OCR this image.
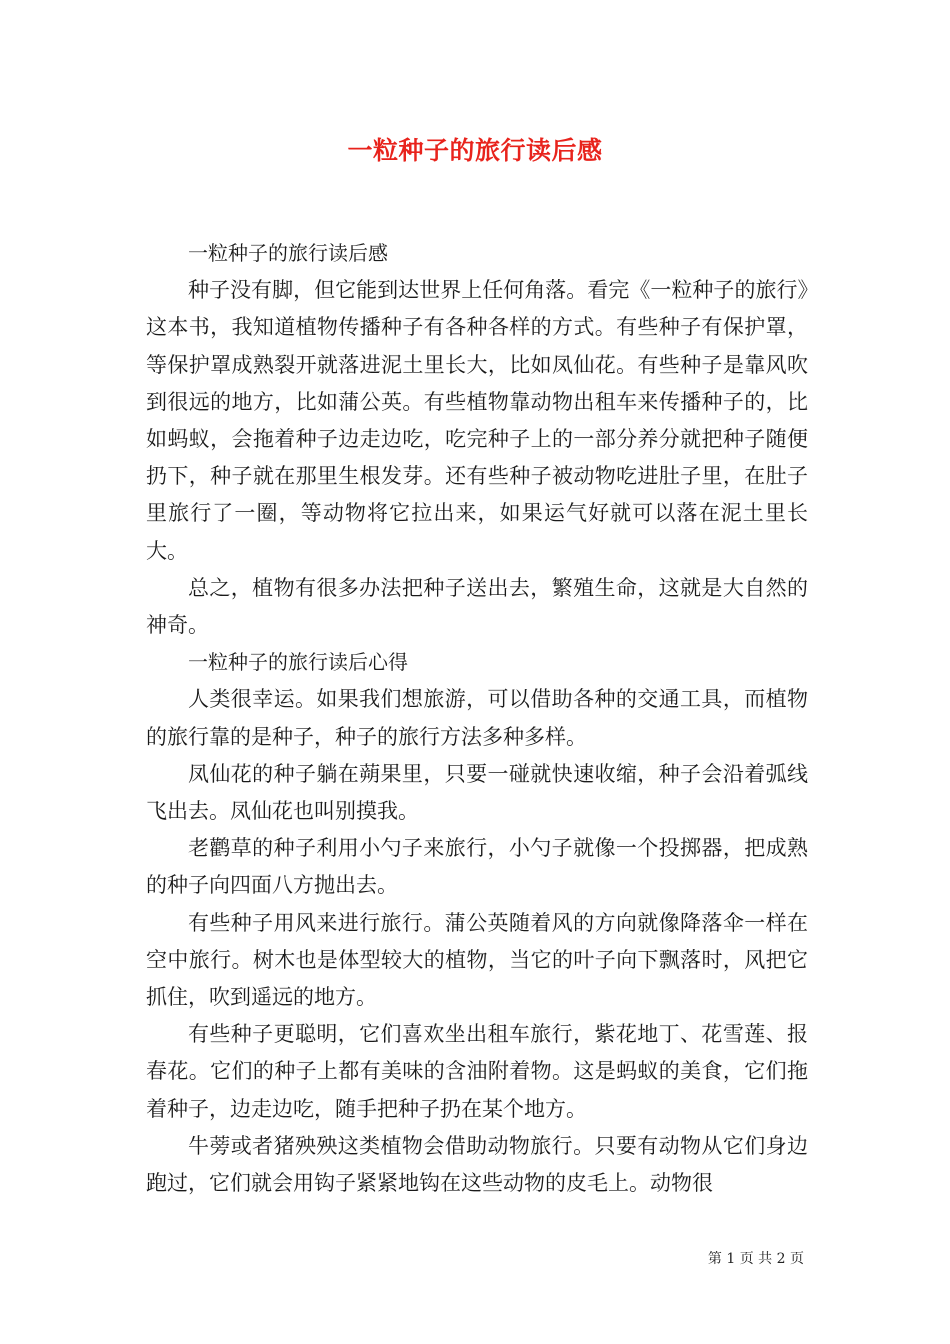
一粒种子的旅行读后感

一粒种子的旅行读后感

种子没有脚，但它能到达世界上任何角落。看完《一粒种子的旅行》这本书，我知道植物传播种子有各种各样的方式。有些种子有保护罩，等保护罩成熟裂开就落进泥土里长大，比如凤仙花。有些种子是靠风吹到很远的地方，比如蒲公英。有些植物靠动物出租车来传播种子的，比如蚂蚁，会拖着种子边走边吃，吃完种子上的一部分养分就把种子随便扔下，种子就在那里生根发芽。还有些种子被动物吃进肚子里，在肚子里旅行了一圈，等动物将它拉出来，如果运气好就可以落在泥土里长大。

总之，植物有很多办法把种子送出去，繁殖生命，这就是大自然的神奇。

一粒种子的旅行读后心得

人类很幸运。如果我们想旅游，可以借助各种的交通工具，而植物的旅行靠的是种子，种子的旅行方法多种多样。

凤仙花的种子躺在蒴果里，只要一碰就快速收缩，种子会沿着弧线飞出去。凤仙花也叫别摸我。

老鹳草的种子利用小勺子来旅行，小勺子就像一个投掷器，把成熟的种子向四面八方抛出去。

有些种子用风来进行旅行。蒲公英随着风的方向就像降落伞一样在空中旅行。树木也是体型较大的植物，当它的叶子向下飘落时，风把它抓住，吹到遥远的地方。

有些种子更聪明，它们喜欢坐出租车旅行，紫花地丁、花雪莲、报春花。它们的种子上都有美味的含油附着物。这是蚂蚁的美食，它们拖着种子，边走边吃，随手把种子扔在某个地方。

牛蒡或者猪殃殃这类植物会借助动物旅行。只要有动物从它们身边跑过，它们就会用钩子紧紧地钩在这些动物的皮毛上。动物很

第 1 页 共 2 页
